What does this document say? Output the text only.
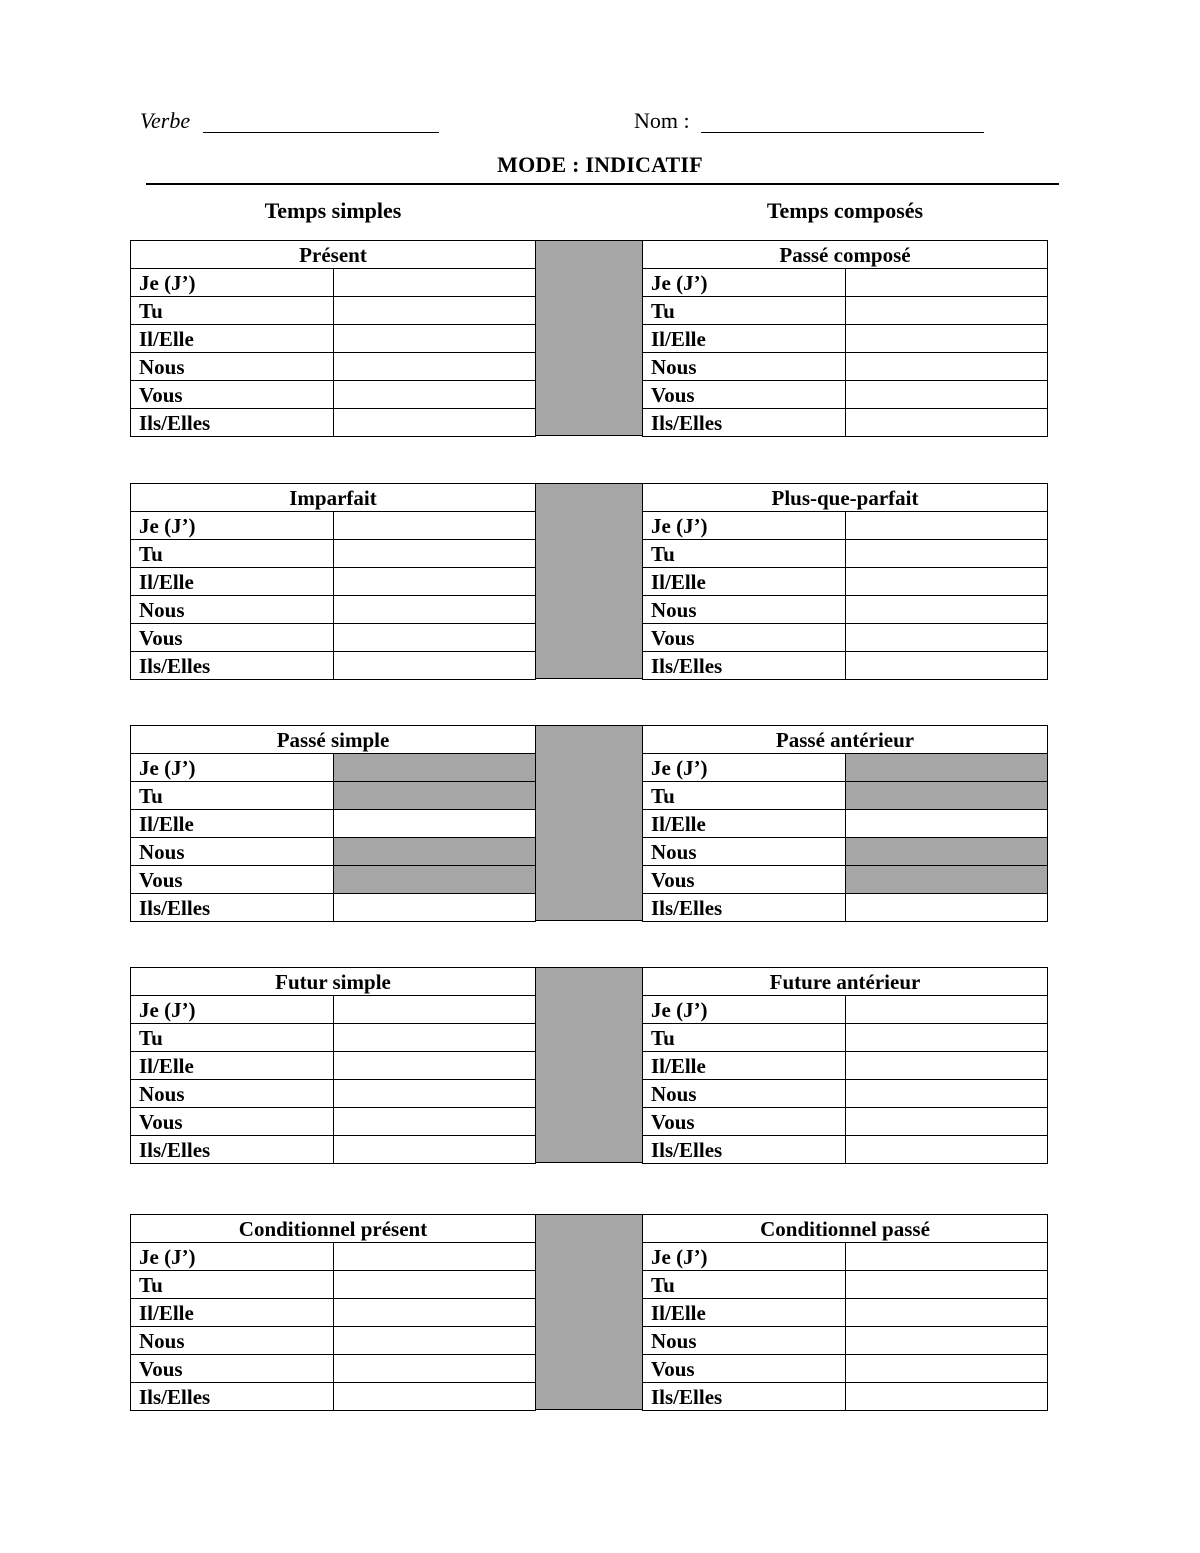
Verbe	Nom :
MODE : INDICATIF
Temps simples	Temps composés
Présent	
Je (J’)	
Tu	
Il/Elle	
Nous	
Vous	
Ils/Elles	
Passé composé	
Je (J’)	
Tu	
Il/Elle	
Nous	
Vous	
Ils/Elles	
Imparfait	
Je (J’)	
Tu	
Il/Elle	
Nous	
Vous	
Ils/Elles	
Plus-que-parfait	
Je (J’)	
Tu	
Il/Elle	
Nous	
Vous	
Ils/Elles	
Passé simple	
Je (J’)	
Tu	
Il/Elle	
Nous	
Vous	
Ils/Elles	
Passé antérieur	
Je (J’)	
Tu	
Il/Elle	
Nous	
Vous	
Ils/Elles	
Futur simple	
Je (J’)	
Tu	
Il/Elle	
Nous	
Vous	
Ils/Elles	
Future antérieur	
Je (J’)	
Tu	
Il/Elle	
Nous	
Vous	
Ils/Elles	
Conditionnel présent	
Je (J’)	
Tu	
Il/Elle	
Nous	
Vous	
Ils/Elles	
Conditionnel passé	
Je (J’)	
Tu	
Il/Elle	
Nous	
Vous	
Ils/Elles	
